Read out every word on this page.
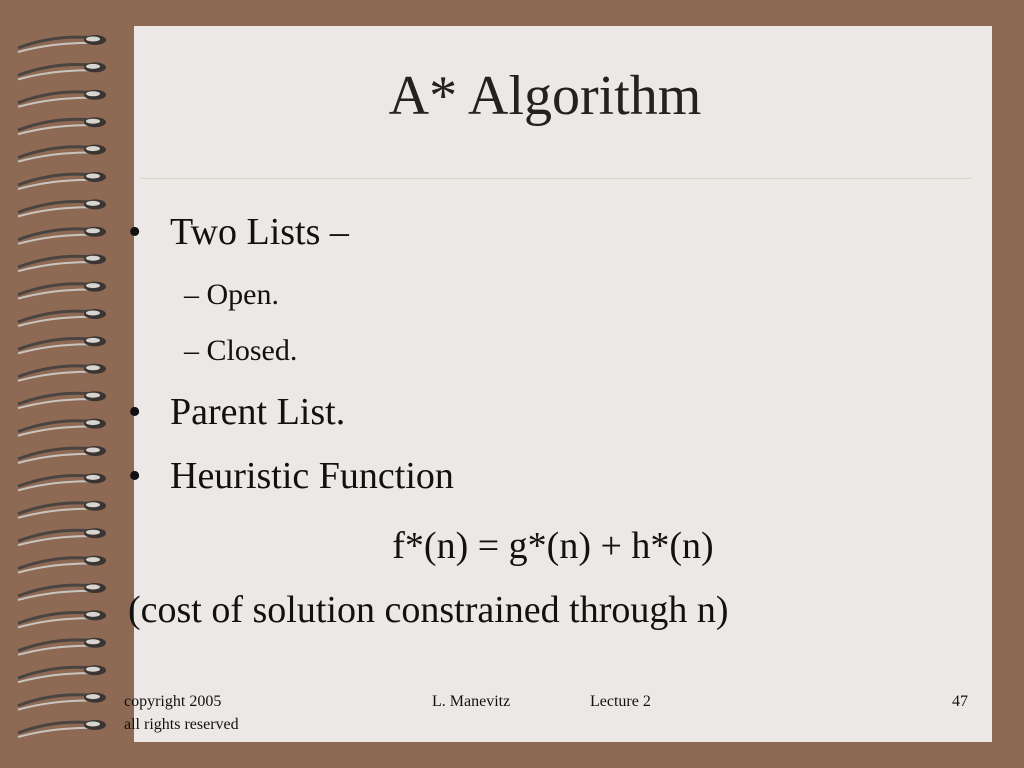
A* Algorithm
• Two Lists –
– Open.
– Closed.
• Parent List.
• Heuristic Function
f*(n) = g*(n) + h*(n)
(cost of solution constrained through n)
copyright 2005
all rights reserved
L. Manevitz	Lecture 2	47
